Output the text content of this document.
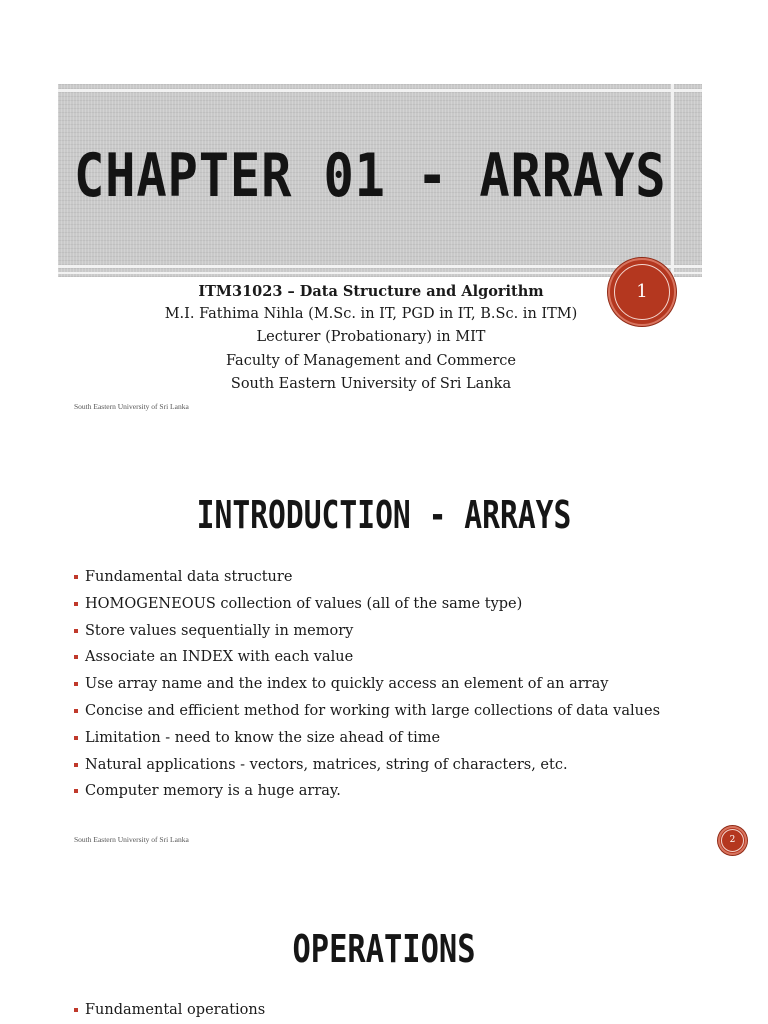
CHAPTER 01 - ARRAYS
1
ITM31023 – Data Structure and Algorithm
M.I. Fathima Nihla (M.Sc. in IT, PGD in IT, B.Sc. in ITM)
Lecturer (Probationary) in MIT
Faculty of Management and Commerce
South Eastern University of Sri Lanka
South Eastern University of Sri Lanka
INTRODUCTION - ARRAYS
Fundamental data structure
HOMOGENEOUS collection of values (all of the same type)
Store values sequentially in memory
Associate an INDEX with each value
Use array name and the index to quickly access an element of an array
Concise and efficient method for working with large collections of data values
Limitation - need to know the size ahead of time
Natural applications - vectors, matrices, string of characters, etc.
Computer memory is a huge array.
South Eastern University of Sri Lanka	2
OPERATIONS
Fundamental operations
